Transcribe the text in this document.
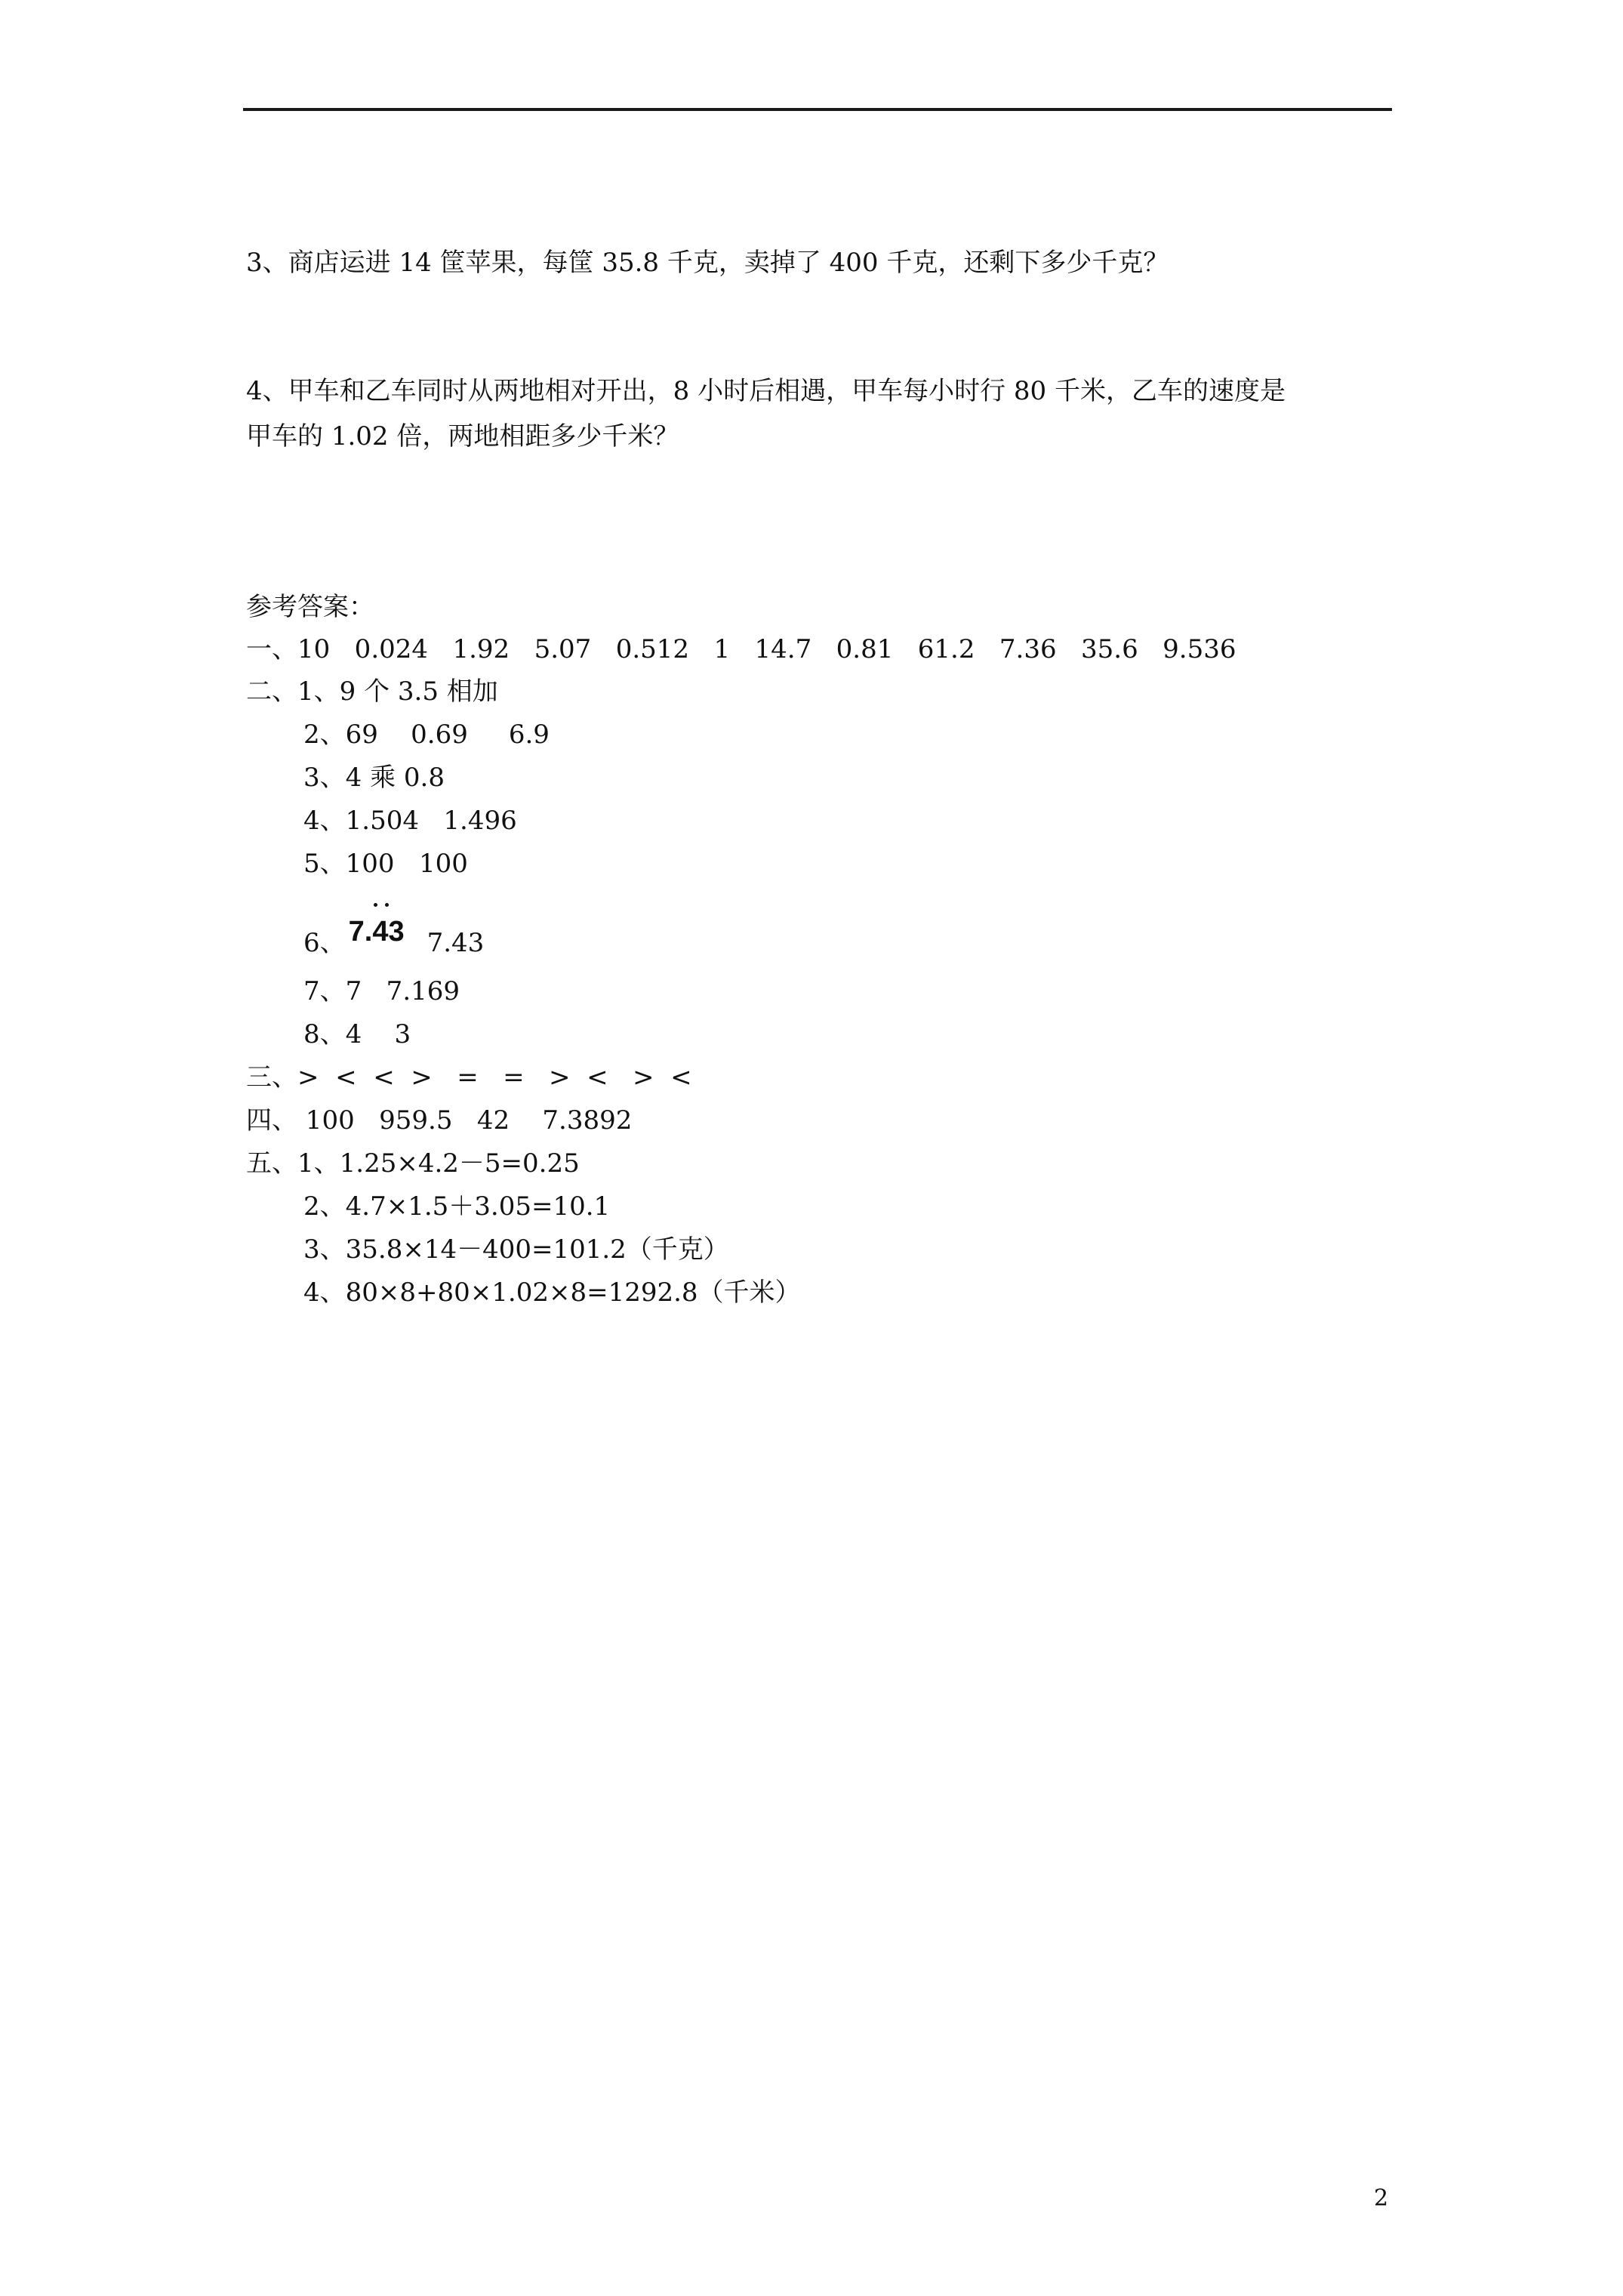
3、商店运进 14 筐苹果，每筐 35.8 千克，卖掉了 400 千克，还剩下多少千克？
4、甲车和乙车同时从两地相对开出，8 小时后相遇，甲车每小时行 80 千米，乙车的速度是
甲车的 1.02 倍，两地相距多少千米？
参考答案：
一、10   0.024   1.92   5.07   0.512   1   14.7   0.81   61.2   7.36   35.6   9.536
二、1、9 个 3.5 相加
2、69    0.69     6.9
3、4 乘 0.8
4、1.504   1.496
5、100   100
6、 7.43 7.43
7、7   7.169
8、4    3
三、>  <  <  >   =   =   >  <   >  <
四、 100   959.5   42    7.3892
五、1、1.25×4.2－5=0.25
2、4.7×1.5＋3.05=10.1
3、35.8×14－400=101.2（千克）
4、80×8+80×1.02×8=1292.8（千米）
2
